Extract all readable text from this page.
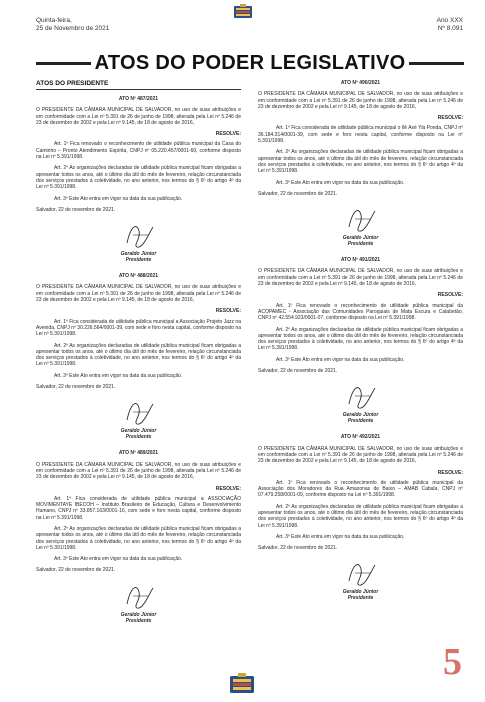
Quinta-feira,
25 de Novembro de 2021
Ano XXX
Nº 8.091
ATOS DO PODER LEGISLATIVO
ATOS DO PRESIDENTE
ATO Nº 487/2021
O PRESIDENTE DA CÂMARA MUNICIPAL DE SALVADOR, no uso de suas atribuições e em conformidade com a Lei nº 5.391 de 26 de junho de 1998, alterada pela Lei nº 5.246 de 23 de dezembro de 2002 e pela Lei nº 9.145, de 18 de agosto de 2016,
RESOLVE:
Art. 1º Fica renovado o reconhecimento de utilidade pública municipal da Casa do Caminho – Pronto Atendimento Espírita, CNPJ nº 05.220.457/0001-60, conforme disposto na Lei nº 5.391/1998.
Art. 2º As organizações declaradas de utilidade pública municipal ficam obrigadas a apresentar todos os anos, até o último dia útil do mês de fevereiro, relação circunstanciada dos serviços prestados à coletividade, no ano anterior, nos termos do § 6º do artigo 4º da Lei nº 5.391/1998.
Art. 3º Este Ato entra em vigor na data da sua publicação.
Salvador, 22 de novembro de 2021.
Geraldo Júnior
Presidente
ATO Nº 488/2021
O PRESIDENTE DA CÂMARA MUNICIPAL DE SALVADOR, no uso de suas atribuições e em conformidade com a Lei nº 5.391 de 26 de junho de 1998, alterada pela Lei nº 5.246 de 23 de dezembro de 2002 e pela Lei nº 9.145, de 18 de agosto de 2016,
RESOLVE:
Art. 1º Fica considerada de utilidade pública municipal a Associação Projeto Jazz na Avenida, CNPJ nº 30.226.564/0001-39, com sede e foro nesta capital, conforme disposto na Lei nº 5.391/1998.
Art. 2º As organizações declaradas de utilidade pública municipal ficam obrigadas a apresentar todos os anos, até o último dia útil do mês de fevereiro, relação circunstanciada dos serviços prestados à coletividade, no ano anterior, nos termos do § 6º do artigo 4º da Lei nº 5.391/1998.
Art. 3º Este Ato entra em vigor na data da sua publicação.
Salvador, 22 de novembro de 2021.
Geraldo Júnior
Presidente
ATO Nº 489/2021
O PRESIDENTE DA CÂMARA MUNICIPAL DE SALVADOR, no uso de suas atribuições e em conformidade com a Lei nº 5.391 de 26 de junho de 1998, alterada pela Lei nº 5.246 de 23 de dezembro de 2002 e pela Lei nº 9.145, de 18 de agosto de 2016,
RESOLVE:
Art. 1º Fica considerada de utilidade pública municipal a ASSOCIAÇÃO MOVIMENTAYE IBECOH – Instituto Brasileiro de Educação, Cultura e Desenvolvimento Humano, CNPJ nº 33.857.163/0001-16, com sede e foro nesta capital, conforme disposto na Lei nº 5.391/1998.
Art. 2º As organizações declaradas de utilidade pública municipal ficam obrigadas a apresentar todos os anos, até o último dia útil do mês de fevereiro, relação circunstanciada dos serviços prestados à coletividade, no ano anterior, nos termos do § 6º do artigo 4º da Lei nº 5.391/1998.
Art. 3º Este Ato entra em vigor na data da sua publicação.
Salvador, 22 de novembro de 2021.
Geraldo Júnior
Presidente
ATO Nº 490/2021
O PRESIDENTE DA CÂMARA MUNICIPAL DE SALVADOR, no uso de suas atribuições e em conformidade com a Lei nº 5.391 de 26 de junho de 1998, alterada pela Lei nº 5.246 de 23 de dezembro de 2002 e pela Lei nº 9.145, de 18 de agosto de 2016,
RESOLVE:
Art. 1º Fica considerada de utilidade pública municipal o Ilê Axé Yiá Ponda, CNPJ nº 36.184.314/0001-39, com sede e foro nesta capital, conforme disposto na Lei nº 5.391/1998.
Art. 2º As organizações declaradas de utilidade pública municipal ficam obrigadas a apresentar todos os anos, até o último dia útil do mês de fevereiro, relação circunstanciada dos serviços prestados à coletividade, no ano anterior, nos termos do § 6º do artigo 4º da Lei nº 5.391/1998.
Art. 3º Este Ato entra em vigor na data da sua publicação.
Salvador, 22 de novembro de 2021.
Geraldo Júnior
Presidente
ATO Nº 491/2021
O PRESIDENTE DA CÂMARA MUNICIPAL DE SALVADOR, no uso de suas atribuições e em conformidade com a Lei nº 5.391 de 26 de junho de 1998, alterada pela Lei nº 5.246 de 23 de dezembro de 2002 e pela Lei nº 9.145, de 18 de agosto de 2016,
RESOLVE:
Art. 1º Fica renovado o reconhecimento de utilidade pública municipal da ACOPAMEC - Associação das Comunidades Paroquiais de Mata Escura e Calabetão, CNPJ nº 42.554.923/0001-07, conforme disposto na Lei nº 5.391/1998.
Art. 2º As organizações declaradas de utilidade pública municipal ficam obrigadas a apresentar todos os anos, até o último dia útil do mês de fevereiro, relação circunstanciada dos serviços prestados à coletividade, no ano anterior, nos termos do § 6º do artigo 4º da Lei nº 5.391/1998.
Art. 3º Este Ato entra em vigor na data da sua publicação.
Salvador, 22 de novembro de 2021.
Geraldo Júnior
Presidente
ATO Nº 492/2021
O PRESIDENTE DA CÂMARA MUNICIPAL DE SALVADOR, no uso de suas atribuições e em conformidade com a Lei nº 5.391 de 26 de junho de 1998, alterada pela Lei nº 5.246 de 23 de dezembro de 2002 e pela Lei nº 9.145, de 18 de agosto de 2016,
RESOLVE:
Art. 1º Fica renovado o reconhecimento de utilidade pública municipal da Associação dos Moradores da Rua Amazonas de Baixo – AMAB Cabula, CNPJ nº 07.479.258/0001-09, conforme disposto na Lei nº 5.391/1998.
Art. 2º As organizações declaradas de utilidade pública municipal ficam obrigadas a apresentar todos os anos, até o último dia útil do mês de fevereiro, relação circunstanciada dos serviços prestados à coletividade, no ano anterior, nos termos do § 6º do artigo 4º da Lei nº 5.391/1998.
Art. 3º Este Ato entra em vigor na data da sua publicação.
Salvador, 22 de novembro de 2021.
Geraldo Júnior
Presidente
5
